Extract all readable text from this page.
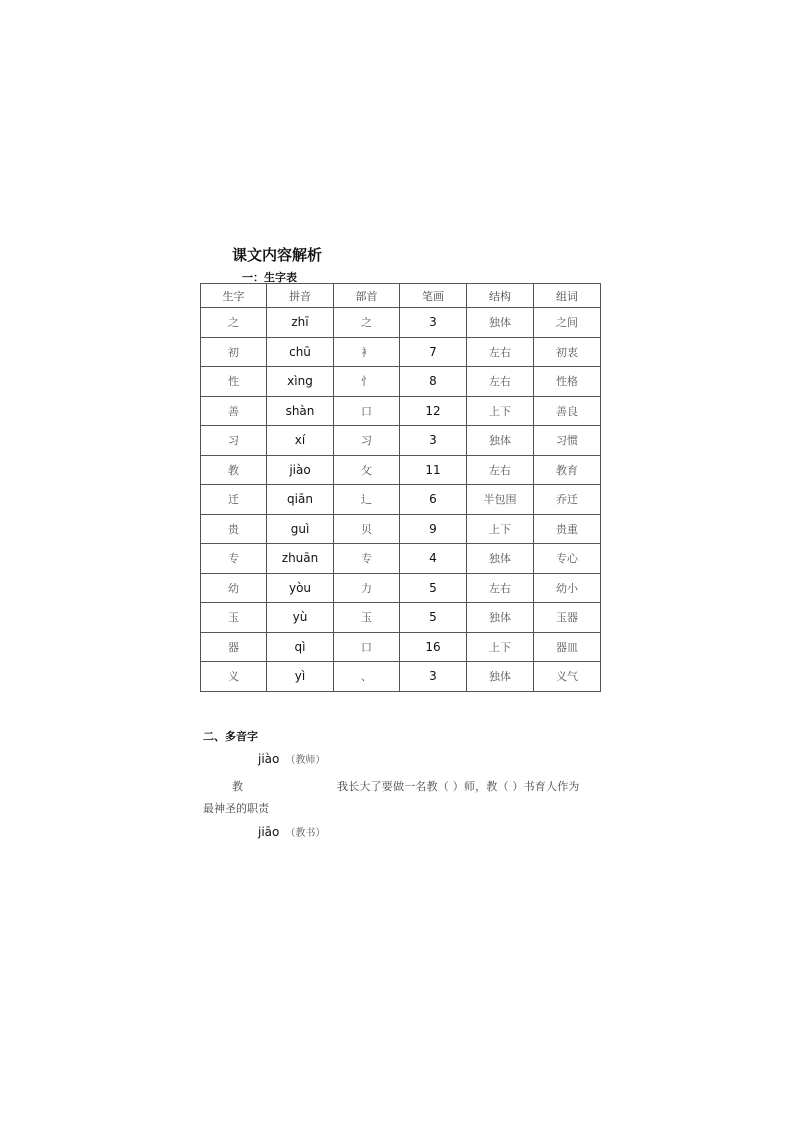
课文内容解析
一：生字表
生字	拼音	部首	笔画	结构	组词
之	zhī	之	3	独体	之间
初	chū	衤	7	左右	初衷
性	xìng	忄	8	左右	性格
善	shàn	口	12	上下	善良
习	xí	习	3	独体	习惯
教	jiào	攵	11	左右	教育
迁	qiān	辶	6	半包围	乔迁
贵	guì	贝	9	上下	贵重
专	zhuān	专	4	独体	专心
幼	yòu	力	5	左右	幼小
玉	yù	玉	5	独体	玉器
器	qì	口	16	上下	器皿
义	yì	、	3	独体	义气
二、多音字
jiào （教师）
教	我长大了要做一名教（ ）师，教（ ）书育人作为
最神圣的职责
jiāo （教书）
